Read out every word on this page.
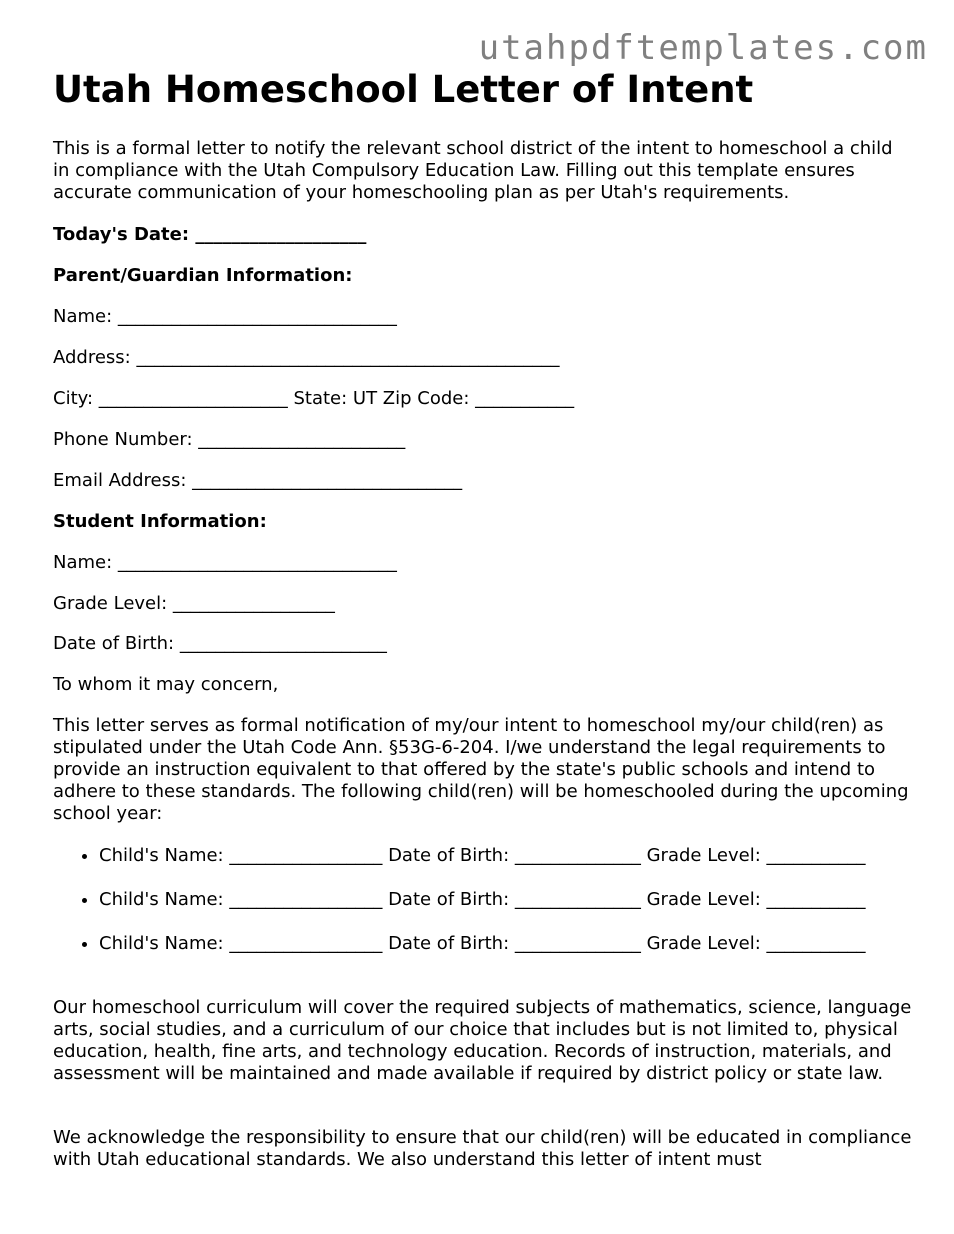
utahpdftemplates.com
Utah Homeschool Letter of Intent
This is a formal letter to notify the relevant school district of the intent to homeschool a child in compliance with the Utah Compulsory Education Law. Filling out this template ensures accurate communication of your homeschooling plan as per Utah's requirements.
Today's Date: ___________________
Parent/Guardian Information:
Name: _______________________________
Address: _______________________________________________
City: _____________________ State: UT Zip Code: ___________
Phone Number: _______________________
Email Address: ______________________________
Student Information:
Name: _______________________________
Grade Level: __________________
Date of Birth: _______________________
To whom it may concern,
This letter serves as formal notification of my/our intent to homeschool my/our child(ren) as stipulated under the Utah Code Ann. §53G-6-204. I/we understand the legal requirements to provide an instruction equivalent to that offered by the state's public schools and intend to adhere to these standards. The following child(ren) will be homeschooled during the upcoming school year:
• Child's Name: _________________ Date of Birth: ______________ Grade Level: ___________
• Child's Name: _________________ Date of Birth: ______________ Grade Level: ___________
• Child's Name: _________________ Date of Birth: ______________ Grade Level: ___________
Our homeschool curriculum will cover the required subjects of mathematics, science, language arts, social studies, and a curriculum of our choice that includes but is not limited to, physical education, health, fine arts, and technology education. Records of instruction, materials, and assessment will be maintained and made available if required by district policy or state law.
We acknowledge the responsibility to ensure that our child(ren) will be educated in compliance with Utah educational standards. We also understand this letter of intent must
